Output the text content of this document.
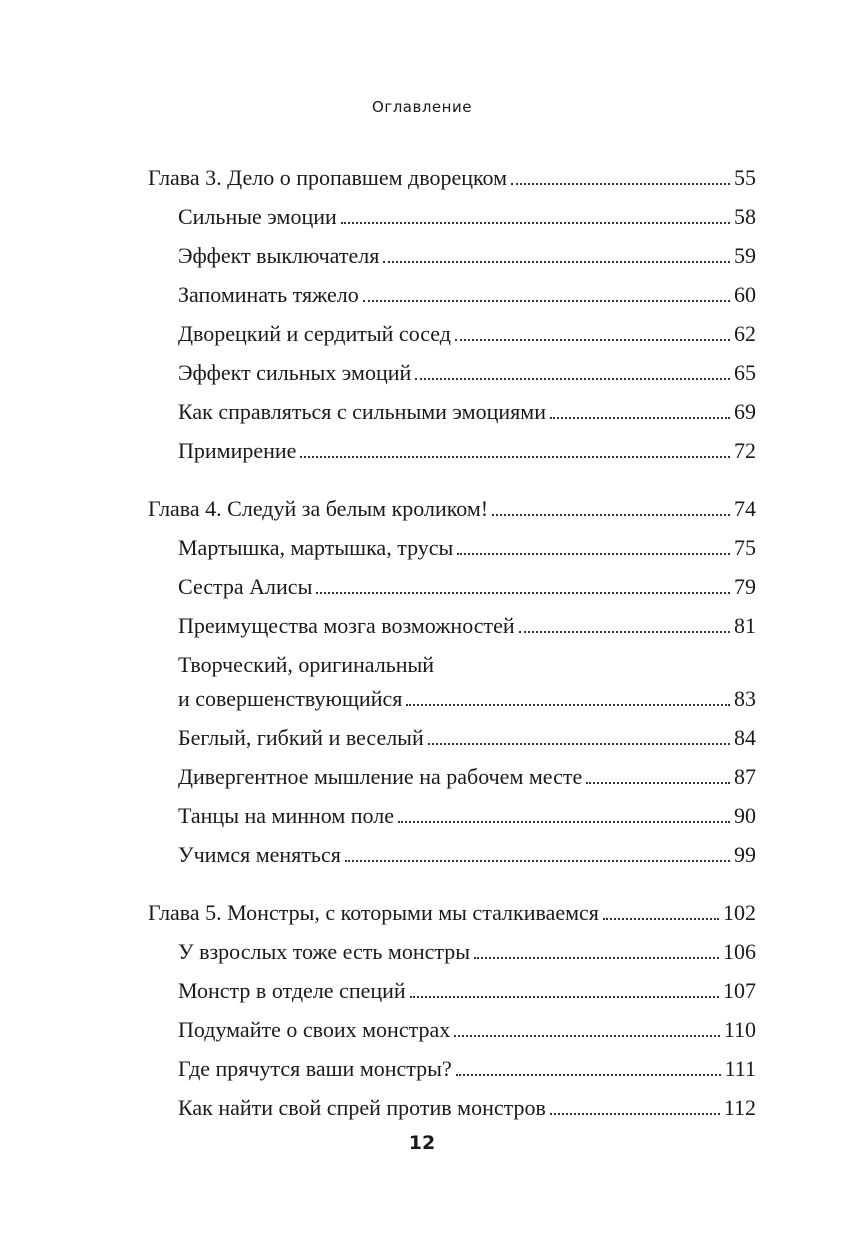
Оглавление
Глава 3. Дело о пропавшем дворецком	55
Сильные эмоции	58
Эффект выключателя	59
Запоминать тяжело	60
Дворецкий и сердитый сосед	62
Эффект сильных эмоций	65
Как справляться с сильными эмоциями	69
Примирение	72
Глава 4. Следуй за белым кроликом!	74
Мартышка, мартышка, трусы	75
Сестра Алисы	79
Преимущества мозга возможностей	81
Творческий, оригинальный
и совершенствующийся	83
Беглый, гибкий и веселый	84
Дивергентное мышление на рабочем месте	87
Танцы на минном поле	90
Учимся меняться	99
Глава 5. Монстры, с которыми мы сталкиваемся	102
У взрослых тоже есть монстры	106
Монстр в отделе специй	107
Подумайте о своих монстрах	110
Где прячутся ваши монстры?	111
Как найти свой спрей против монстров	112
12
